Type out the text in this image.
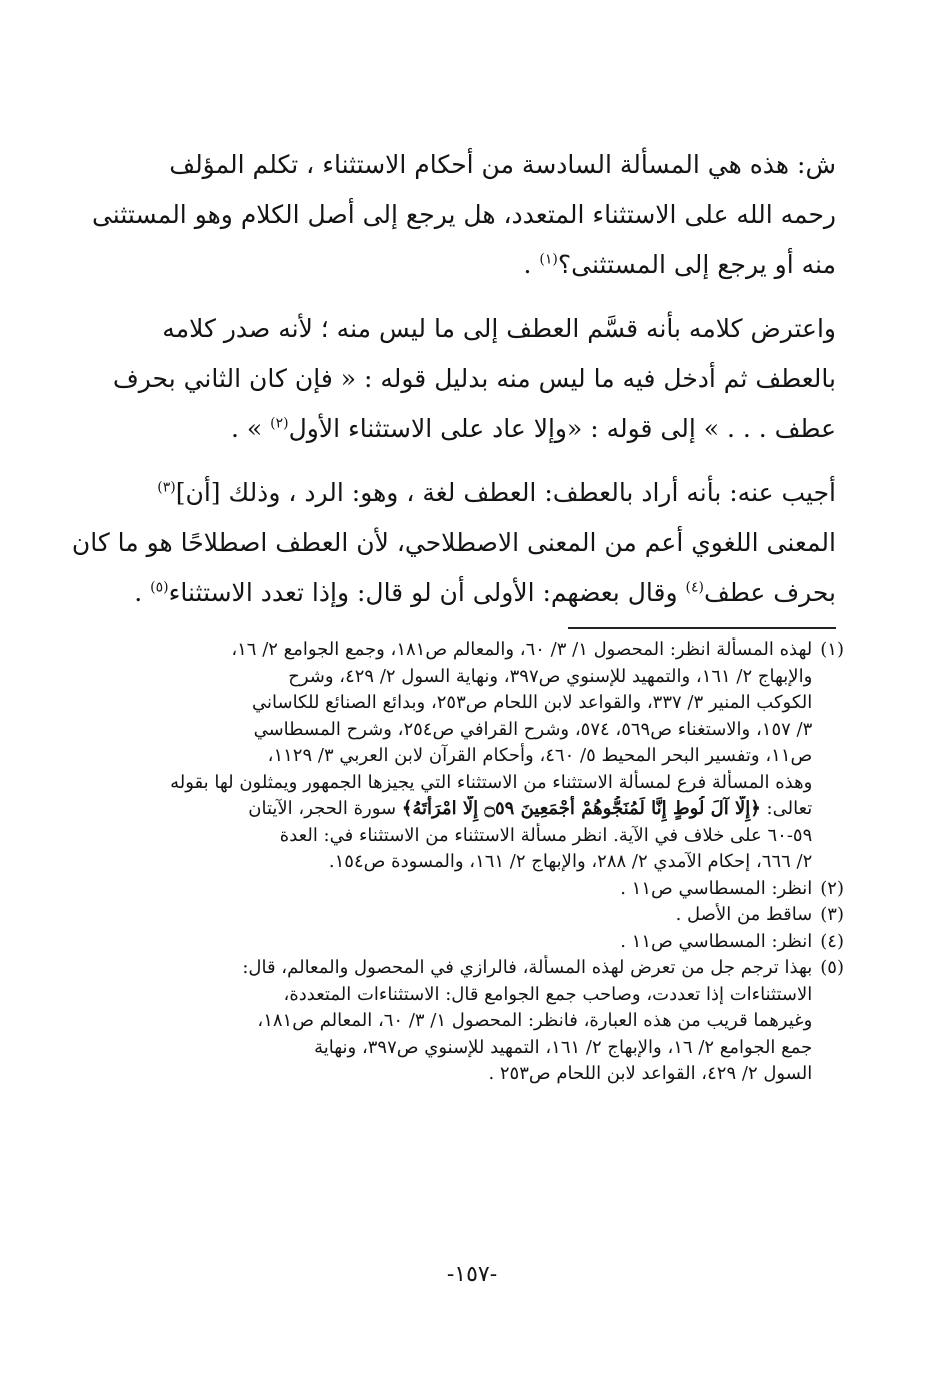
ش: هذه هي المسألة السادسة من أحكام الاستثناء ، تكلم المؤلف
رحمه الله على الاستثناء المتعدد، هل يرجع إلى أصل الكلام وهو المستثنى
منه أو يرجع إلى المستثنى؟$^{(١)}$ .

واعترض كلامه بأنه قسَّم العطف إلى ما ليس منه ؛ لأنه صدر كلامه
بالعطف ثم أدخل فيه ما ليس منه بدليل قوله : « فإن كان الثاني بحرف
عطف . . . » إلى قوله : «وإلا عاد على الاستثناء الأول$^{(٢)}$ » .

أجيب عنه: بأنه أراد بالعطف: العطف لغة ، وهو: الرد ، وذلك [أن]$^{(٣)}$
المعنى اللغوي أعم من المعنى الاصطلاحي، لأن العطف اصطلاحًا هو ما كان
بحرف عطف$^{(٤)}$ وقال بعضهم: الأولى أن لو قال: وإذا تعدد الاستثناء$^{(٥)}$ .

(١)
لهذه المسألة انظر: المحصول ١/ ٣/ ٦٠، والمعالم ص١٨١، وجمع الجوامع ٢/ ١٦،
والإبهاج ٢/ ١٦١، والتمهيد للإسنوي ص٣٩٧، ونهاية السول ٢/ ٤٢٩، وشرح
الكوكب المنير ٣/ ٣٣٧، والقواعد لابن اللحام ص٢٥٣، وبدائع الصنائع للكاساني
٣/ ١٥٧، والاستغناء ص٥٦٩، ٥٧٤، وشرح القرافي ص٢٥٤، وشرح المسطاسي
ص١١، وتفسير البحر المحيط ٥/ ٤٦٠، وأحكام القرآن لابن العربي ٣/ ١١٢٩،
وهذه المسألة فرع لمسألة الاستثناء من الاستثناء التي يجيزها الجمهور ويمثلون لها بقوله
تعالى: ﴿إِلَّا آلَ لُوطٍ إِنَّا لَمُنَجُّوهُمْ أَجْمَعِينَ ۝٥٩ إِلَّا امْرَأَتَهُ﴾ سورة الحجر، الآيتان
٥٩-٦٠ على خلاف في الآية. انظر مسألة الاستثناء من الاستثناء في: العدة
٢/ ٦٦٦، إحكام الآمدي ٢/ ٢٨٨، والإبهاج ٢/ ١٦١، والمسودة ص١٥٤.
(٢)
انظر: المسطاسي ص١١ .
(٣)
ساقط من الأصل .
(٤)
انظر: المسطاسي ص١١ .
(٥)
بهذا ترجم جل من تعرض لهذه المسألة، فالرازي في المحصول والمعالم، قال:
الاستثناءات إذا تعددت، وصاحب جمع الجوامع قال: الاستثناءات المتعددة،
وغيرهما قريب من هذه العبارة، فانظر: المحصول ١/ ٣/ ٦٠، المعالم ص١٨١،
جمع الجوامع ٢/ ١٦، والإبهاج ٢/ ١٦١، التمهيد للإسنوي ص٣٩٧، ونهاية
السول ٢/ ٤٢٩، القواعد لابن اللحام ص٢٥٣ .
-١٥٧-
